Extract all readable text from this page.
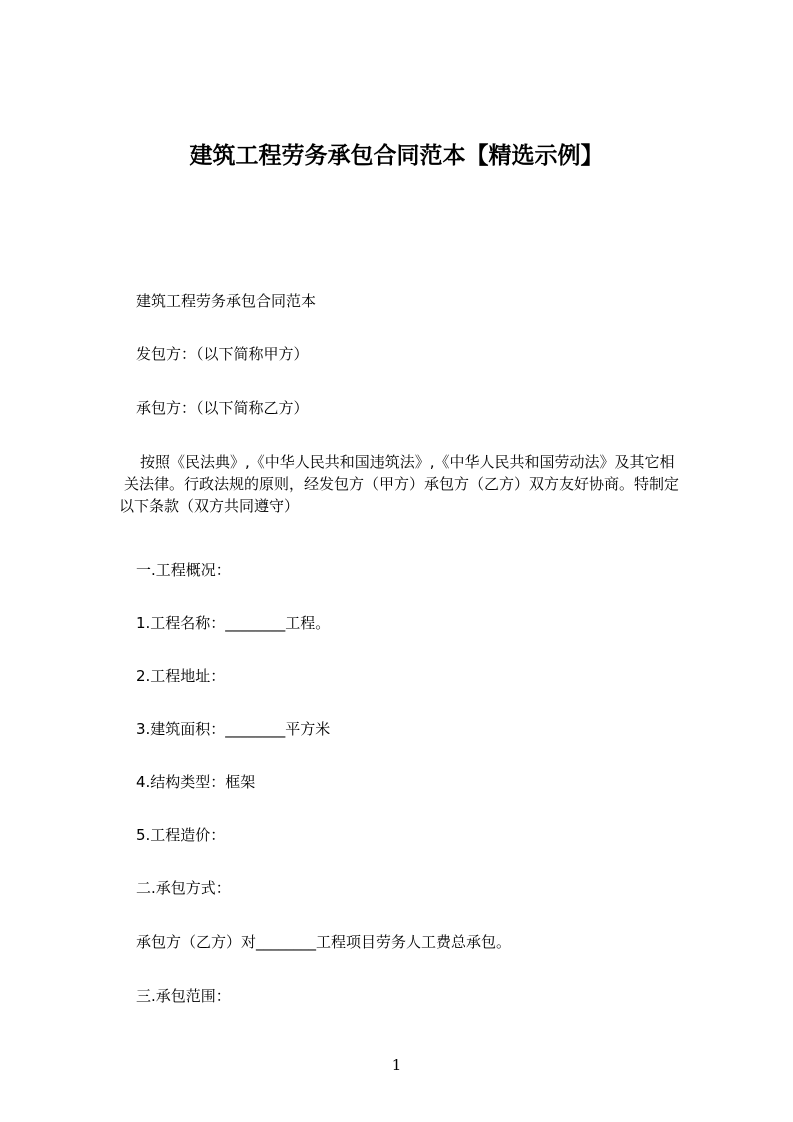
建筑工程劳务承包合同范本【精选示例】
建筑工程劳务承包合同范本
发包方：（以下简称甲方）
承包方：（以下简称乙方）
按照《民法典》,《中华人民共和国违筑法》,《中华人民共和国劳动法》及其它相
关法律。行政法规的原则，经发包方（甲方）承包方（乙方）双方友好协商。特制定
以下条款（双方共同遵守）
一.工程概况：
1.工程名称：________工程。
2.工程地址：
3.建筑面积：________平方米
4.结构类型：框架
5.工程造价：
二.承包方式：
承包方（乙方）对________工程项目劳务人工费总承包。
三.承包范围：
1
